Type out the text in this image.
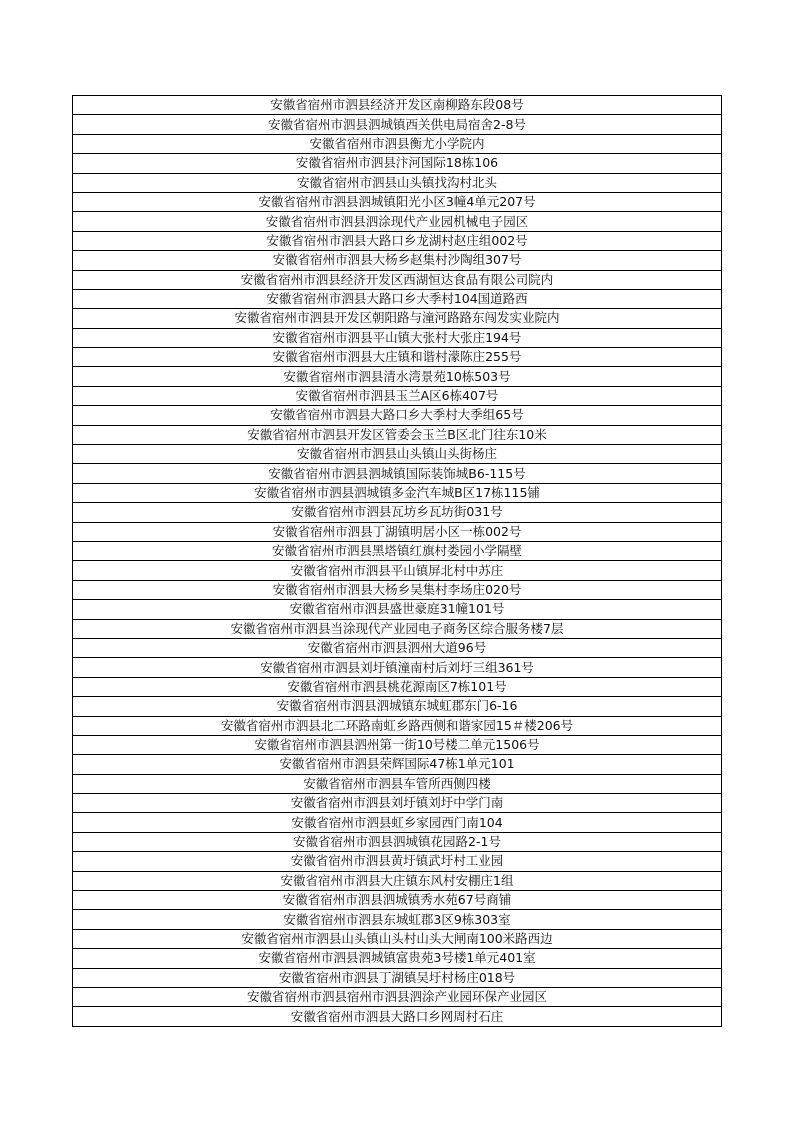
安徽省宿州市泗县经济开发区南柳路东段08号
安徽省宿州市泗县泗城镇西关供电局宿舍2-8号
安徽省宿州市泗县衡尤小学院内
安徽省宿州市泗县汴河国际18栋106
安徽省宿州市泗县山头镇找沟村北头
安徽省宿州市泗县泗城镇阳光小区3幢4单元207号
安徽省宿州市泗县泗涂现代产业园机械电子园区
安徽省宿州市泗县大路口乡龙湖村赵庄组002号
安徽省宿州市泗县大杨乡赵集村沙陶组307号
安徽省宿州市泗县经济开发区西湖恒达食品有限公司院内
安徽省宿州市泗县大路口乡大季村104国道路西
安徽省宿州市泗县开发区朝阳路与潼河路路东闯发实业院内
安徽省宿州市泗县平山镇大张村大张庄194号
安徽省宿州市泗县大庄镇和谐村濛陈庄255号
安徽省宿州市泗县清水湾景苑10栋503号
安徽省宿州市泗县玉兰A区6栋407号
安徽省宿州市泗县大路口乡大季村大季组65号
安徽省宿州市泗县开发区管委会玉兰B区北门往东10米
安徽省宿州市泗县山头镇山头街杨庄
安徽省宿州市泗县泗城镇国际装饰城B6-115号
安徽省宿州市泗县泗城镇多金汽车城B区17栋115铺
安徽省宿州市泗县瓦坊乡瓦坊街031号
安徽省宿州市泗县丁湖镇明居小区一栋002号
安徽省宿州市泗县黑塔镇红旗村娄园小学隔壁
安徽省宿州市泗县平山镇屏北村中苏庄
安徽省宿州市泗县大杨乡吴集村李场庄020号
安徽省宿州市泗县盛世豪庭31幢101号
安徽省宿州市泗县当涂现代产业园电子商务区综合服务楼7层
安徽省宿州市泗县泗州大道96号
安徽省宿州市泗县刘圩镇潼南村后刘圩三组361号
安徽省宿州市泗县桃花源南区7栋101号
安徽省宿州市泗县泗城镇东城虹郡东门6-16
安徽省宿州市泗县北二环路南虹乡路西侧和谐家园15＃楼206号
安徽省宿州市泗县泗州第一街10号楼二单元1506号
安徽省宿州市泗县荣辉国际47栋1单元101
安徽省宿州市泗县车管所西侧四楼
安徽省宿州市泗县刘圩镇刘圩中学门南
安徽省宿州市泗县虹乡家园西门南104
安徽省宿州市泗县泗城镇花园路2-1号
安徽省宿州市泗县黄圩镇武圩村工业园
安徽省宿州市泗县大庄镇东风村安棚庄1组
安徽省宿州市泗县泗城镇秀水苑67号商铺
安徽省宿州市泗县东城虹郡3区9栋303室
安徽省宿州市泗县山头镇山头村山头大闸南100米路西边
安徽省宿州市泗县泗城镇富贵苑3号楼1单元401室
安徽省宿州市泗县丁湖镇吴圩村杨庄018号
安徽省宿州市泗县宿州市泗县泗涂产业园环保产业园区
安徽省宿州市泗县大路口乡网周村石庄
